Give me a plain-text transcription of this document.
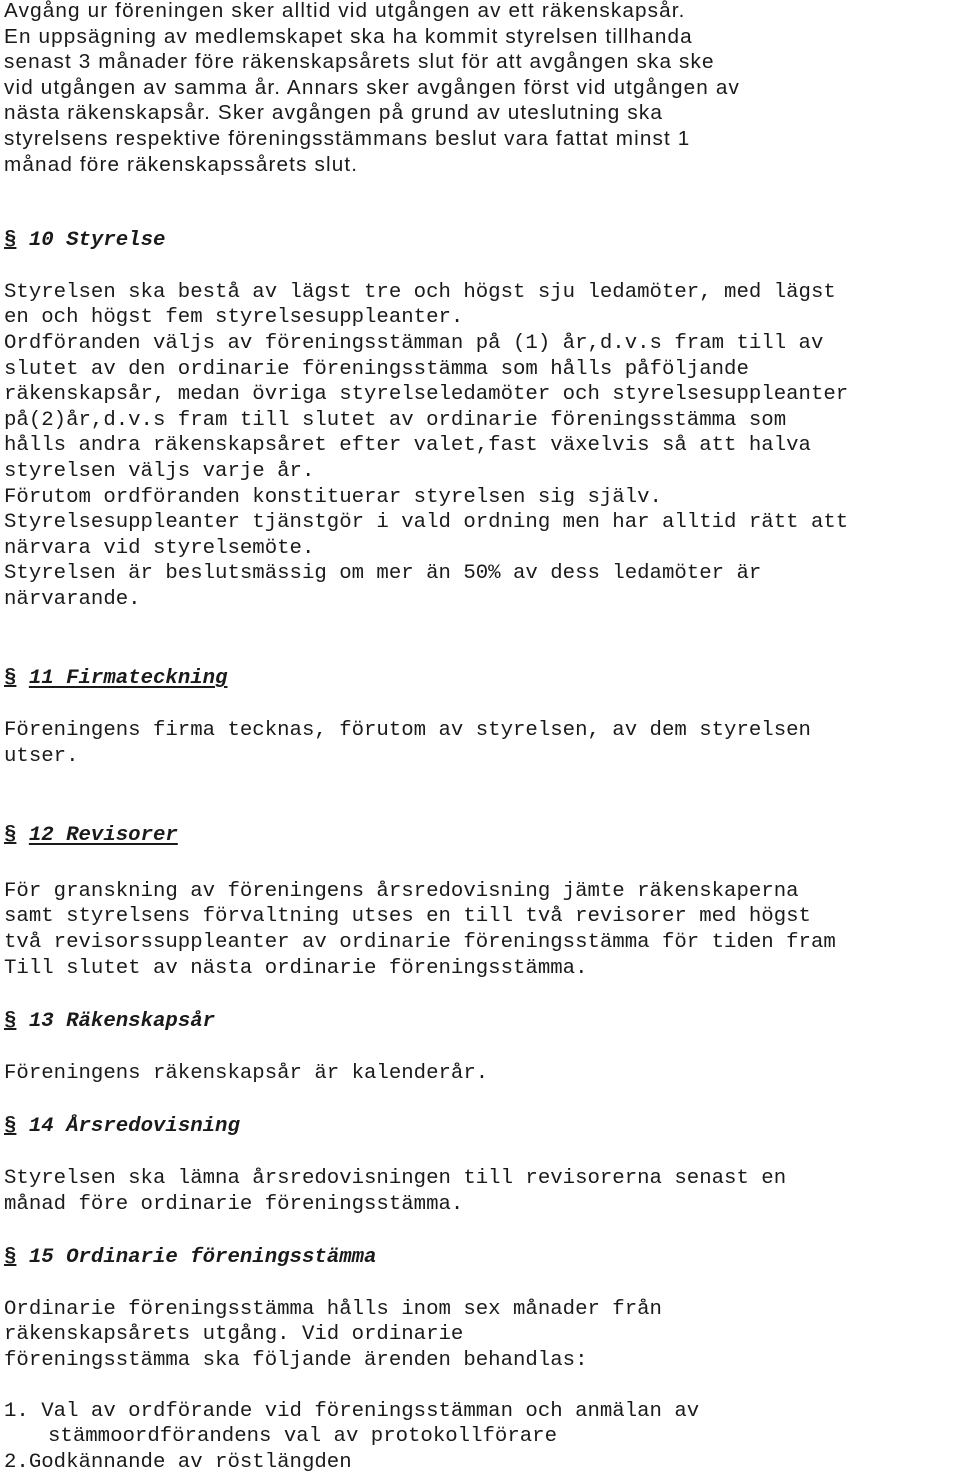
Avgång ur föreningen sker alltid vid utgången av ett räkenskapsår.
En uppsägning av medlemskapet ska ha kommit styrelsen tillhanda
senast 3 månader före räkenskapsårets slut för att avgången ska ske
vid utgången av samma år. Annars sker avgången först vid utgången av
nästa räkenskapsår. Sker avgången på grund av uteslutning ska
styrelsens respektive föreningsstämmans beslut vara fattat minst 1
månad före räkenskapssårets slut.
§ 10 Styrelse
Styrelsen ska bestå av lägst tre och högst sju ledamöter, med lägst
en och högst fem styrelsesuppleanter.
Ordföranden väljs av föreningsstämman på (1) år,d.v.s fram till av
slutet av den ordinarie föreningsstämma som hålls påföljande
räkenskapsår, medan övriga styrelseledamöter och styrelsesuppleanter
på(2)år,d.v.s fram till slutet av ordinarie föreningsstämma som
hålls andra räkenskapsåret efter valet,fast växelvis så att halva
styrelsen väljs varje år.
Förutom ordföranden konstituerar styrelsen sig själv.
Styrelsesuppleanter tjänstgör i vald ordning men har alltid rätt att
närvara vid styrelsemöte.
Styrelsen är beslutsmässig om mer än 50% av dess ledamöter är
närvarande.
§ 11 Firmateckning
Föreningens firma tecknas, förutom av styrelsen, av dem styrelsen
utser.
§ 12 Revisorer
För granskning av föreningens årsredovisning jämte räkenskaperna
samt styrelsens förvaltning utses en till två revisorer med högst
två revisorssuppleanter av ordinarie föreningsstämma för tiden fram
Till slutet av nästa ordinarie föreningsstämma.
§ 13 Räkenskapsår
Föreningens räkenskapsår är kalenderår.
§ 14 Årsredovisning
Styrelsen ska lämna årsredovisningen till revisorerna senast en
månad före ordinarie föreningsstämma.
§ 15 Ordinarie föreningsstämma
Ordinarie föreningsstämma hålls inom sex månader från
räkenskapsårets utgång. Vid ordinarie
föreningsstämma ska följande ärenden behandlas:
1. Val av ordförande vid föreningsstämman och anmälan av
stämmoordförandens val av protokollförare
2.Godkännande av röstlängden
